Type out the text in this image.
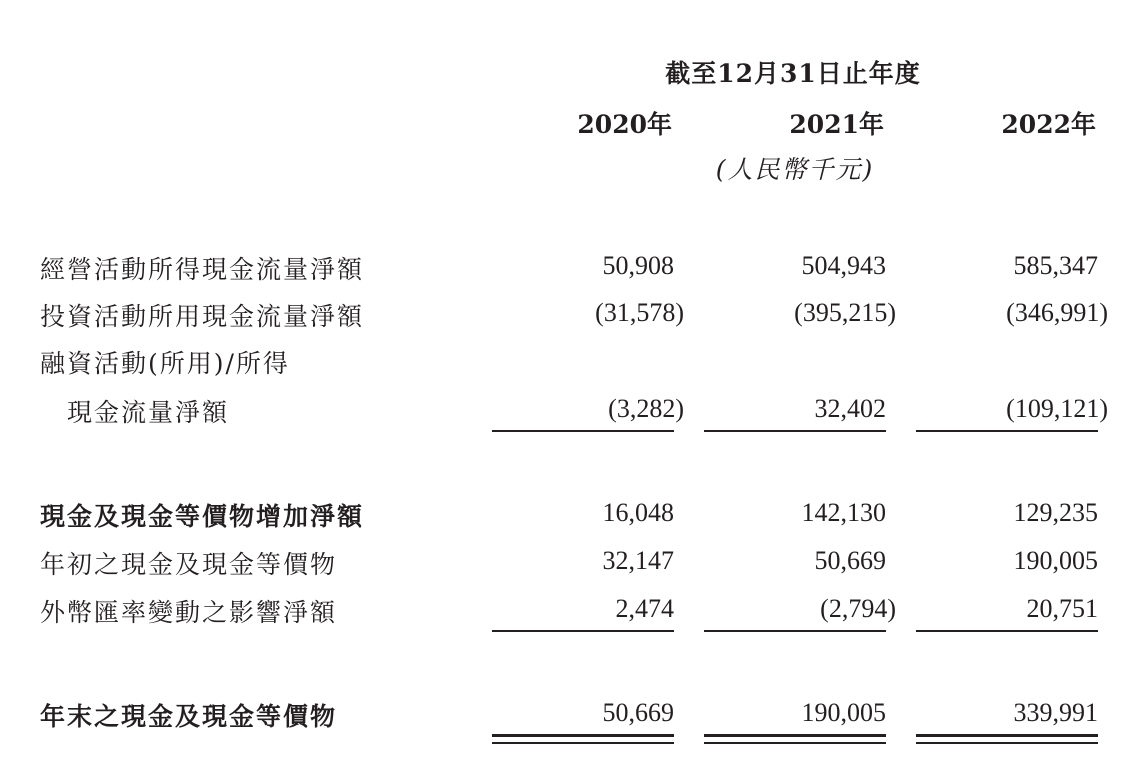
截至12月31日止年度
2020年	2021年	2022年
(人民幣千元)
經營活動所得現金流量淨額	50,908	504,943	585,347
投資活動所用現金流量淨額	(31,578)	(395,215)	(346,991)
融資活動(所用)/所得
現金流量淨額	(3,282)	32,402	(109,121)
現金及現金等價物增加淨額	16,048	142,130	129,235
年初之現金及現金等價物	32,147	50,669	190,005
外幣匯率變動之影響淨額	2,474	(2,794)	20,751
年末之現金及現金等價物	50,669	190,005	339,991
